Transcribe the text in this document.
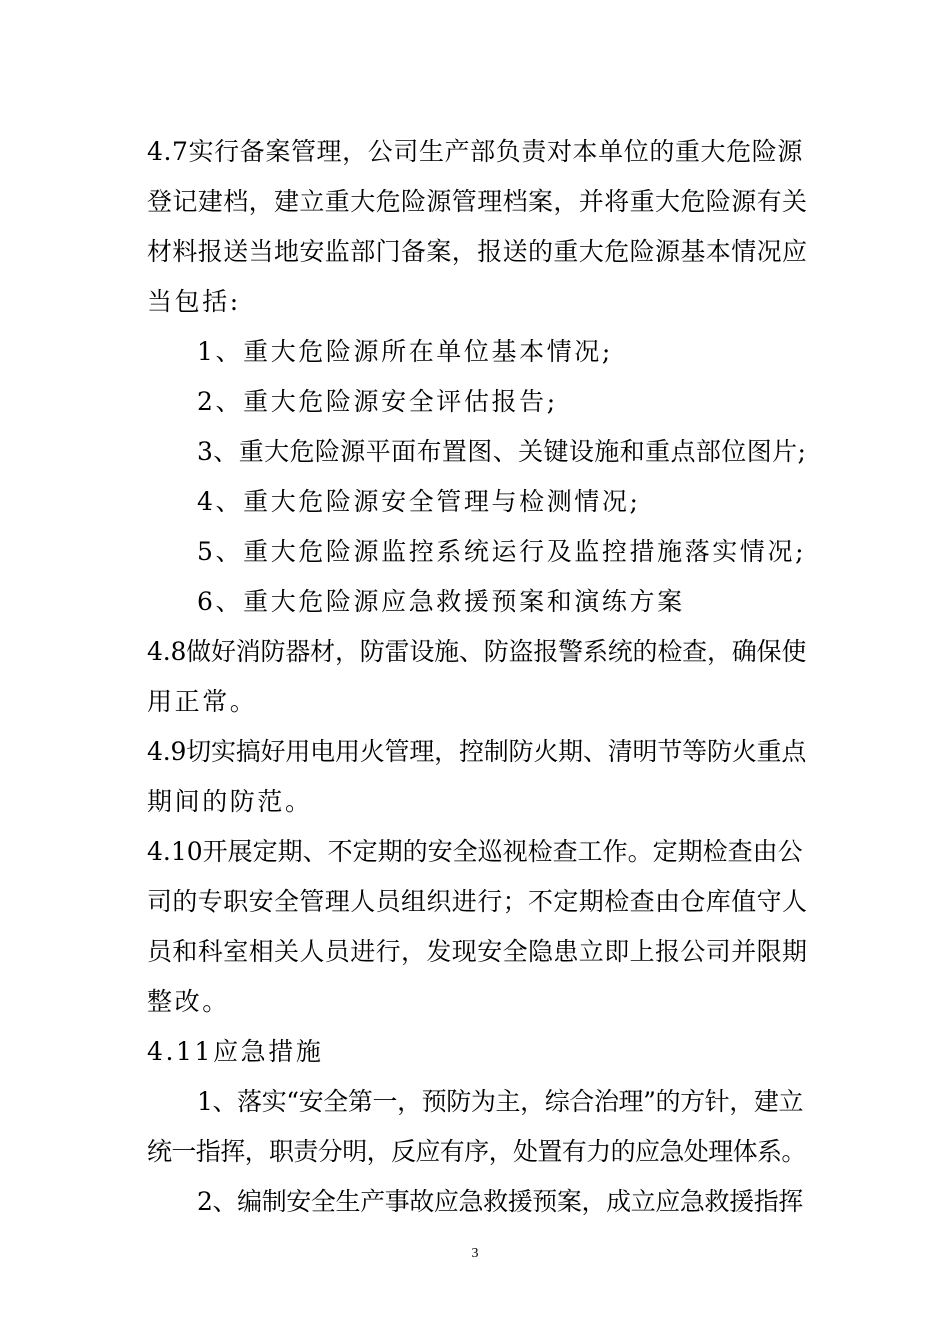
4.7实行备案管理，公司生产部负责对本单位的重大危险源
登记建档，建立重大危险源管理档案，并将重大危险源有关
材料报送当地安监部门备案，报送的重大危险源基本情况应
当包括:
1、重大危险源所在单位基本情况;
2、重大危险源安全评估报告;
3、重大危险源平面布置图、关键设施和重点部位图片;
4、重大危险源安全管理与检测情况;
5、重大危险源监控系统运行及监控措施落实情况;
6、重大危险源应急救援预案和演练方案
4.8做好消防器材，防雷设施、防盗报警系统的检查，确保使
用正常。
4.9切实搞好用电用火管理，控制防火期、清明节等防火重点
期间的防范。
4.10开展定期、不定期的安全巡视检查工作。定期检查由公
司的专职安全管理人员组织进行；不定期检查由仓库值守人
员和科室相关人员进行，发现安全隐患立即上报公司并限期
整改。
4.11应急措施
1、落实“安全第一，预防为主，综合治理”的方针，建立
统一指挥，职责分明，反应有序，处置有力的应急处理体系。
2、编制安全生产事故应急救援预案，成立应急救援指挥
3
